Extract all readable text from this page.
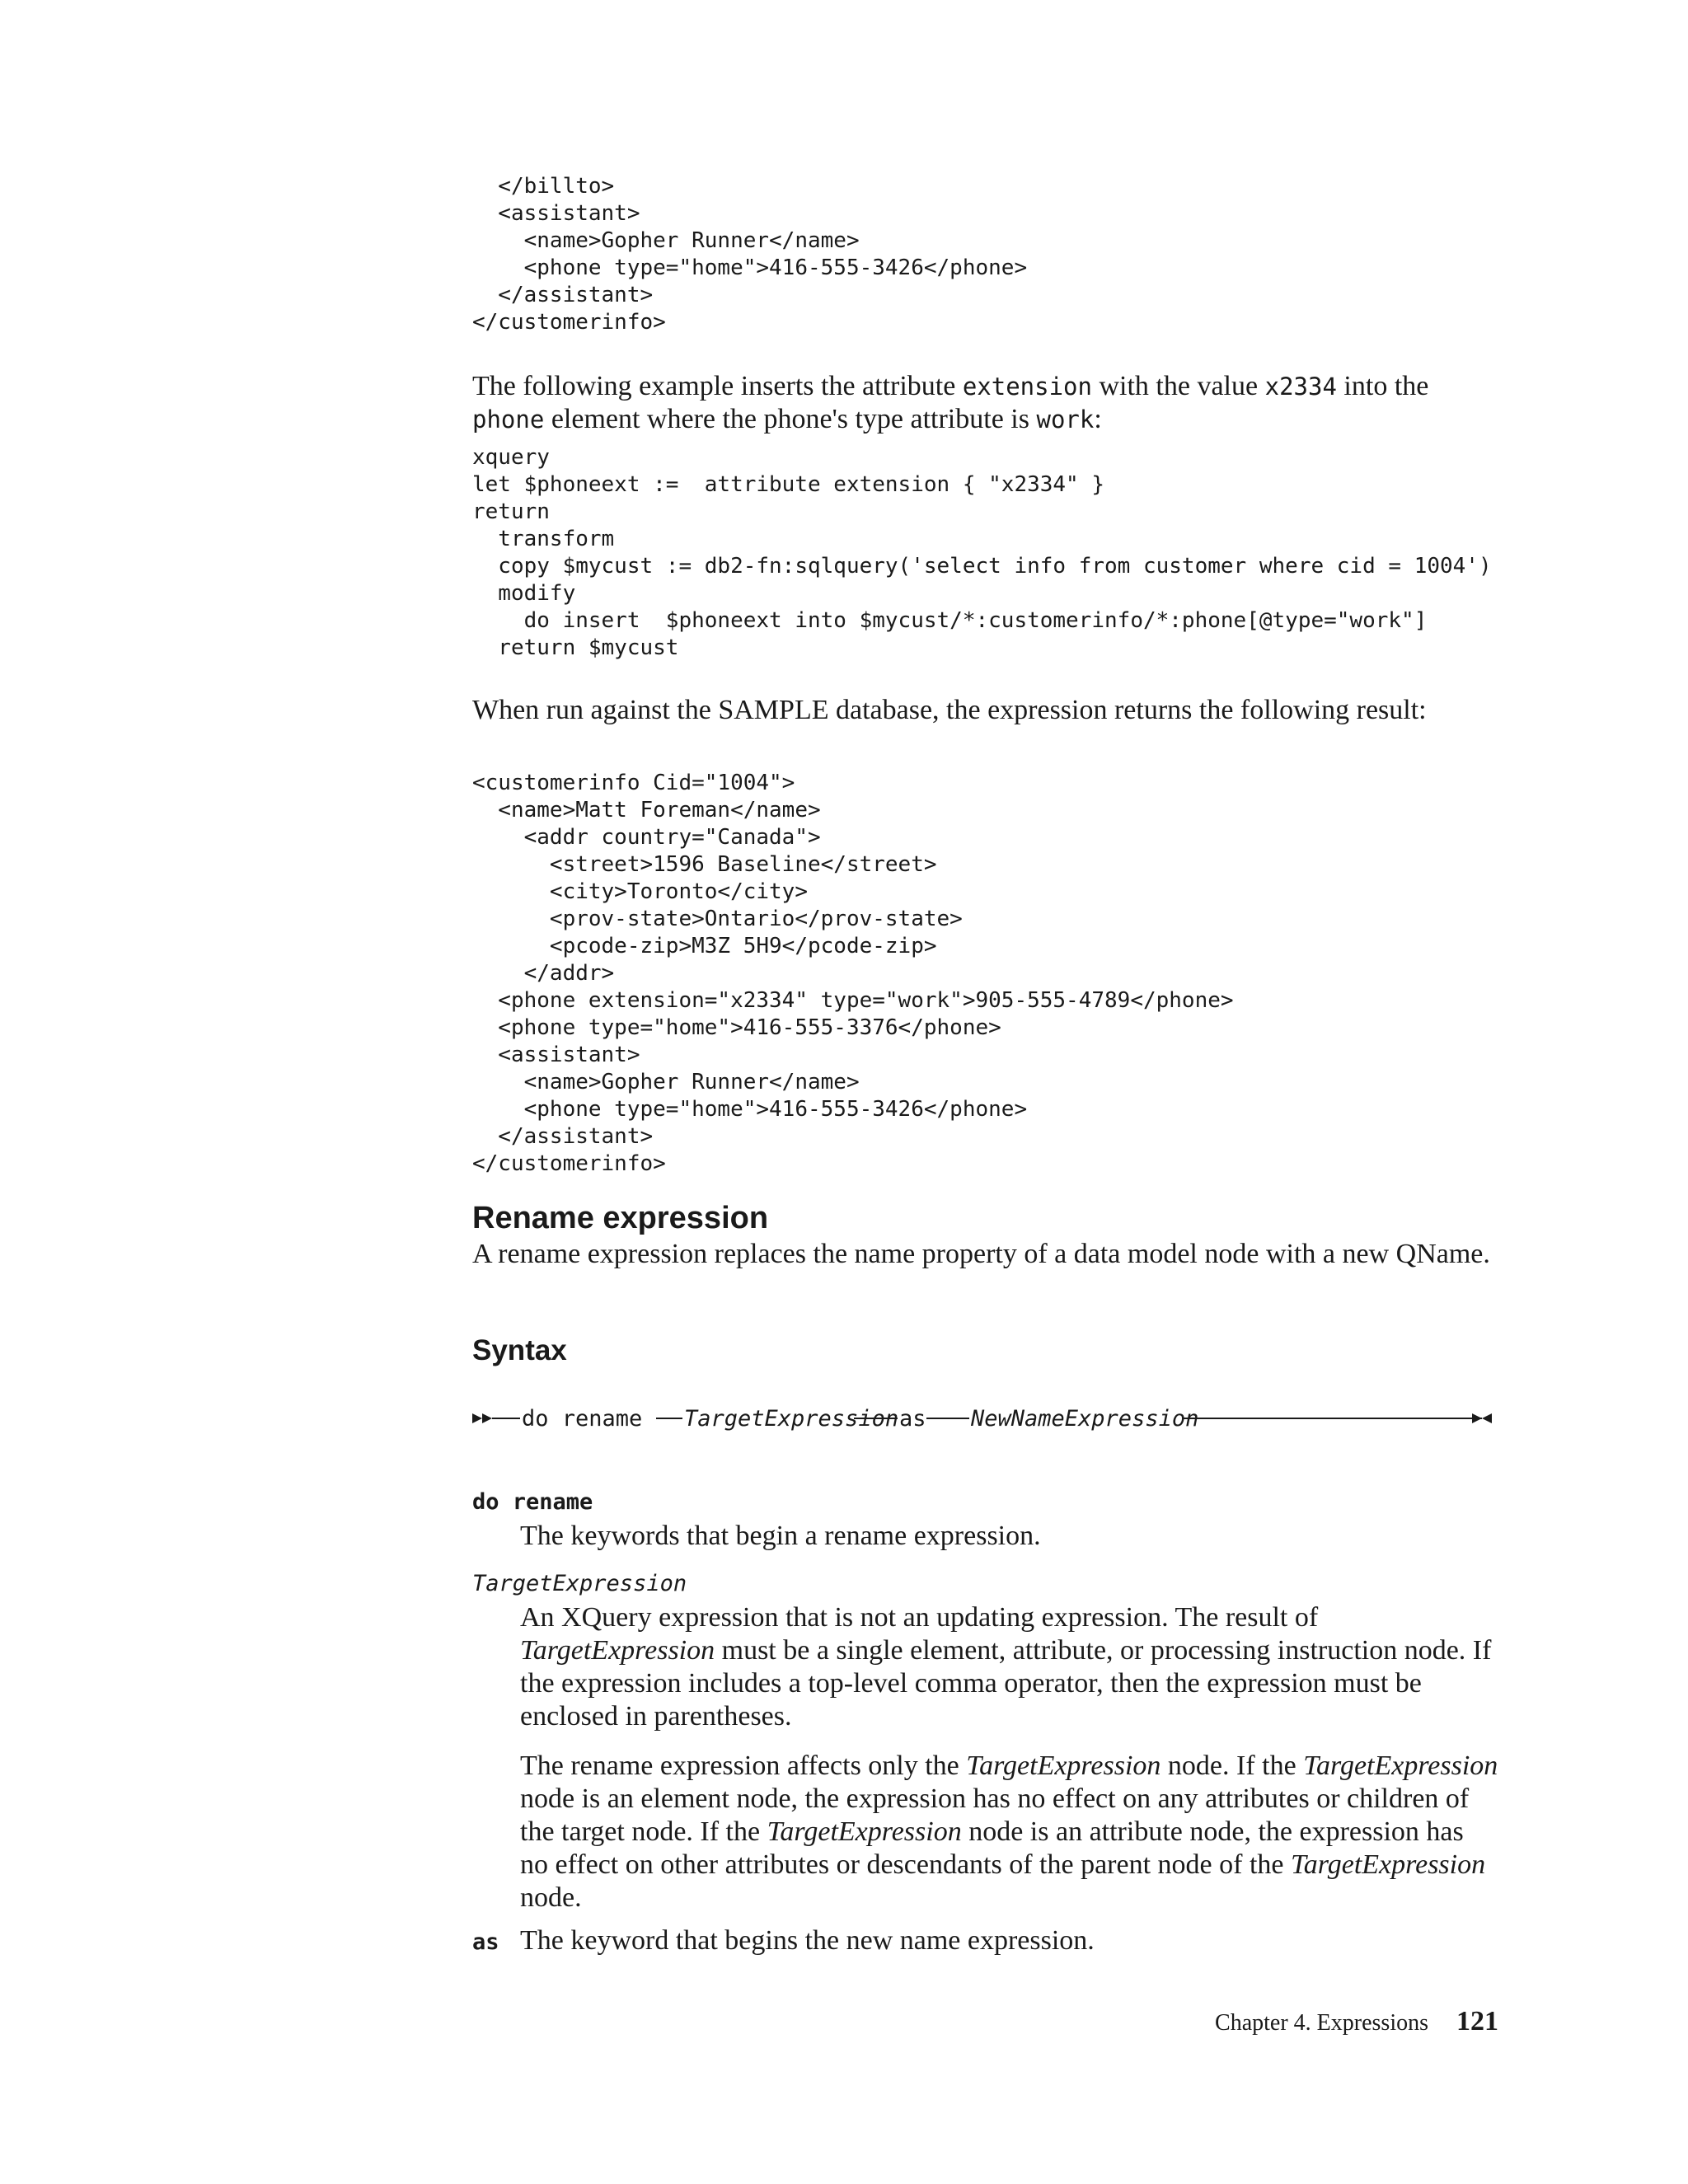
</billto>
<assistant>
<name>Gopher Runner</name>
<phone type="home">416-555-3426</phone>
</assistant>
</customerinfo>

The following example inserts the attribute extension with the value x2334 into the phone element where the phone's type attribute is work:

xquery
let $phoneext :=  attribute extension { "x2334" }
return
transform
copy $mycust := db2-fn:sqlquery('select info from customer where cid = 1004')
modify
do insert  $phoneext into $mycust/*:customerinfo/*:phone[@type="work"]
return $mycust

When run against the SAMPLE database, the expression returns the following result:

<customerinfo Cid="1004">
<name>Matt Foreman</name>
<addr country="Canada">
<street>1596 Baseline</street>
<city>Toronto</city>
<prov-state>Ontario</prov-state>
<pcode-zip>M3Z 5H9</pcode-zip>
</addr>
<phone extension="x2334" type="work">905-555-4789</phone>
<phone type="home">416-555-3376</phone>
<assistant>
<name>Gopher Runner</name>
<phone type="home">416-555-3426</phone>
</assistant>
</customerinfo>
Rename expression

A rename expression replaces the name property of a data model node with a new QName.

Syntax
do rename TargetExpression as NewNameExpression
do rename

The keywords that begin a rename expression.

TargetExpression

An XQuery expression that is not an updating expression. The result of TargetExpression must be a single element, attribute, or processing instruction node. If the expression includes a top-level comma operator, then the expression must be enclosed in parentheses.

The rename expression affects only the TargetExpression node. If the TargetExpression node is an element node, the expression has no effect on any attributes or children of the target node. If the TargetExpression node is an attribute node, the expression has no effect on other attributes or descendants of the parent node of the TargetExpression node.

as The keyword that begins the new name expression.

Chapter 4. Expressions 121
